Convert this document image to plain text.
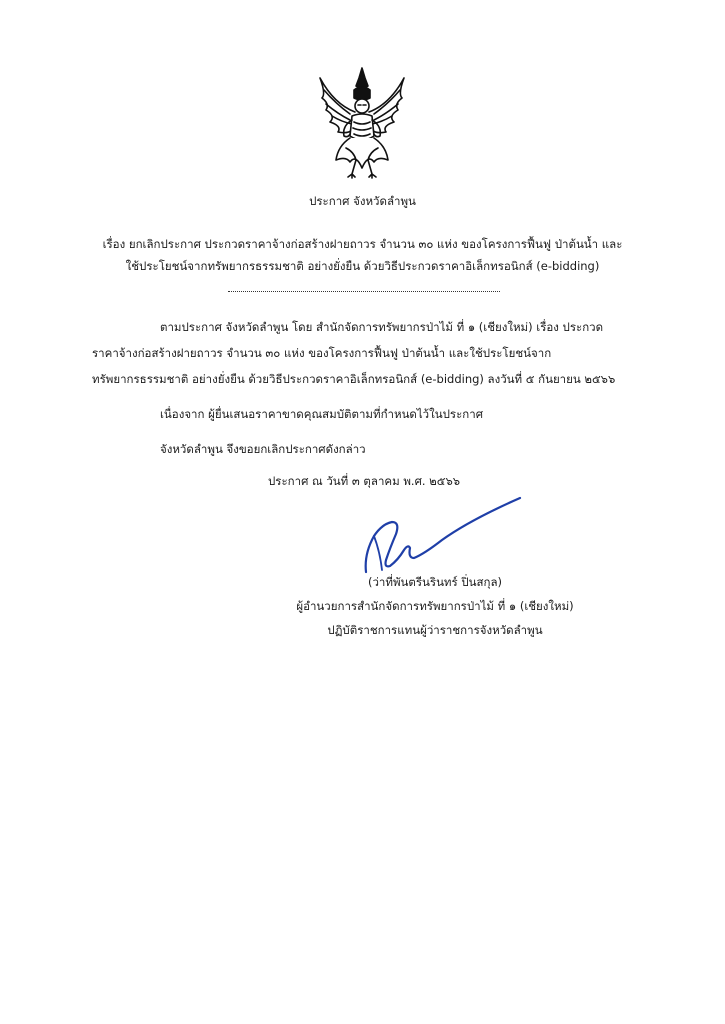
ประกาศ จังหวัดลำพูน
เรื่อง ยกเลิกประกาศ ประกวดราคาจ้างก่อสร้างฝายถาวร จำนวน ๓๐ แห่ง ของโครงการฟื้นฟู ป่าต้นน้ำ และ
ใช้ประโยชน์จากทรัพยากรธรรมชาติ อย่างยั่งยืน ด้วยวิธีประกวดราคาอิเล็กทรอนิกส์ (e-bidding)
ตามประกาศ จังหวัดลำพูน โดย สำนักจัดการทรัพยากรป่าไม้ ที่ ๑ (เชียงใหม่) เรื่อง ประกวด
ราคาจ้างก่อสร้างฝายถาวร จำนวน ๓๐ แห่ง ของโครงการฟื้นฟู ป่าต้นน้ำ และใช้ประโยชน์จาก
ทรัพยากรธรรมชาติ อย่างยั่งยืน ด้วยวิธีประกวดราคาอิเล็กทรอนิกส์ (e-bidding) ลงวันที่ ๕ กันยายน ๒๕๖๖
เนื่องจาก ผู้ยื่นเสนอราคาขาดคุณสมบัติตามที่กำหนดไว้ในประกาศ
จังหวัดลำพูน จึงขอยกเลิกประกาศดังกล่าว
ประกาศ ณ วันที่ ๓ ตุลาคม พ.ศ. ๒๕๖๖
(ว่าที่พันตรีนรินทร์ ปิ่นสกุล)
ผู้อำนวยการสำนักจัดการทรัพยากรป่าไม้ ที่ ๑ (เชียงใหม่)
ปฏิบัติราชการแทนผู้ว่าราชการจังหวัดลำพูน
